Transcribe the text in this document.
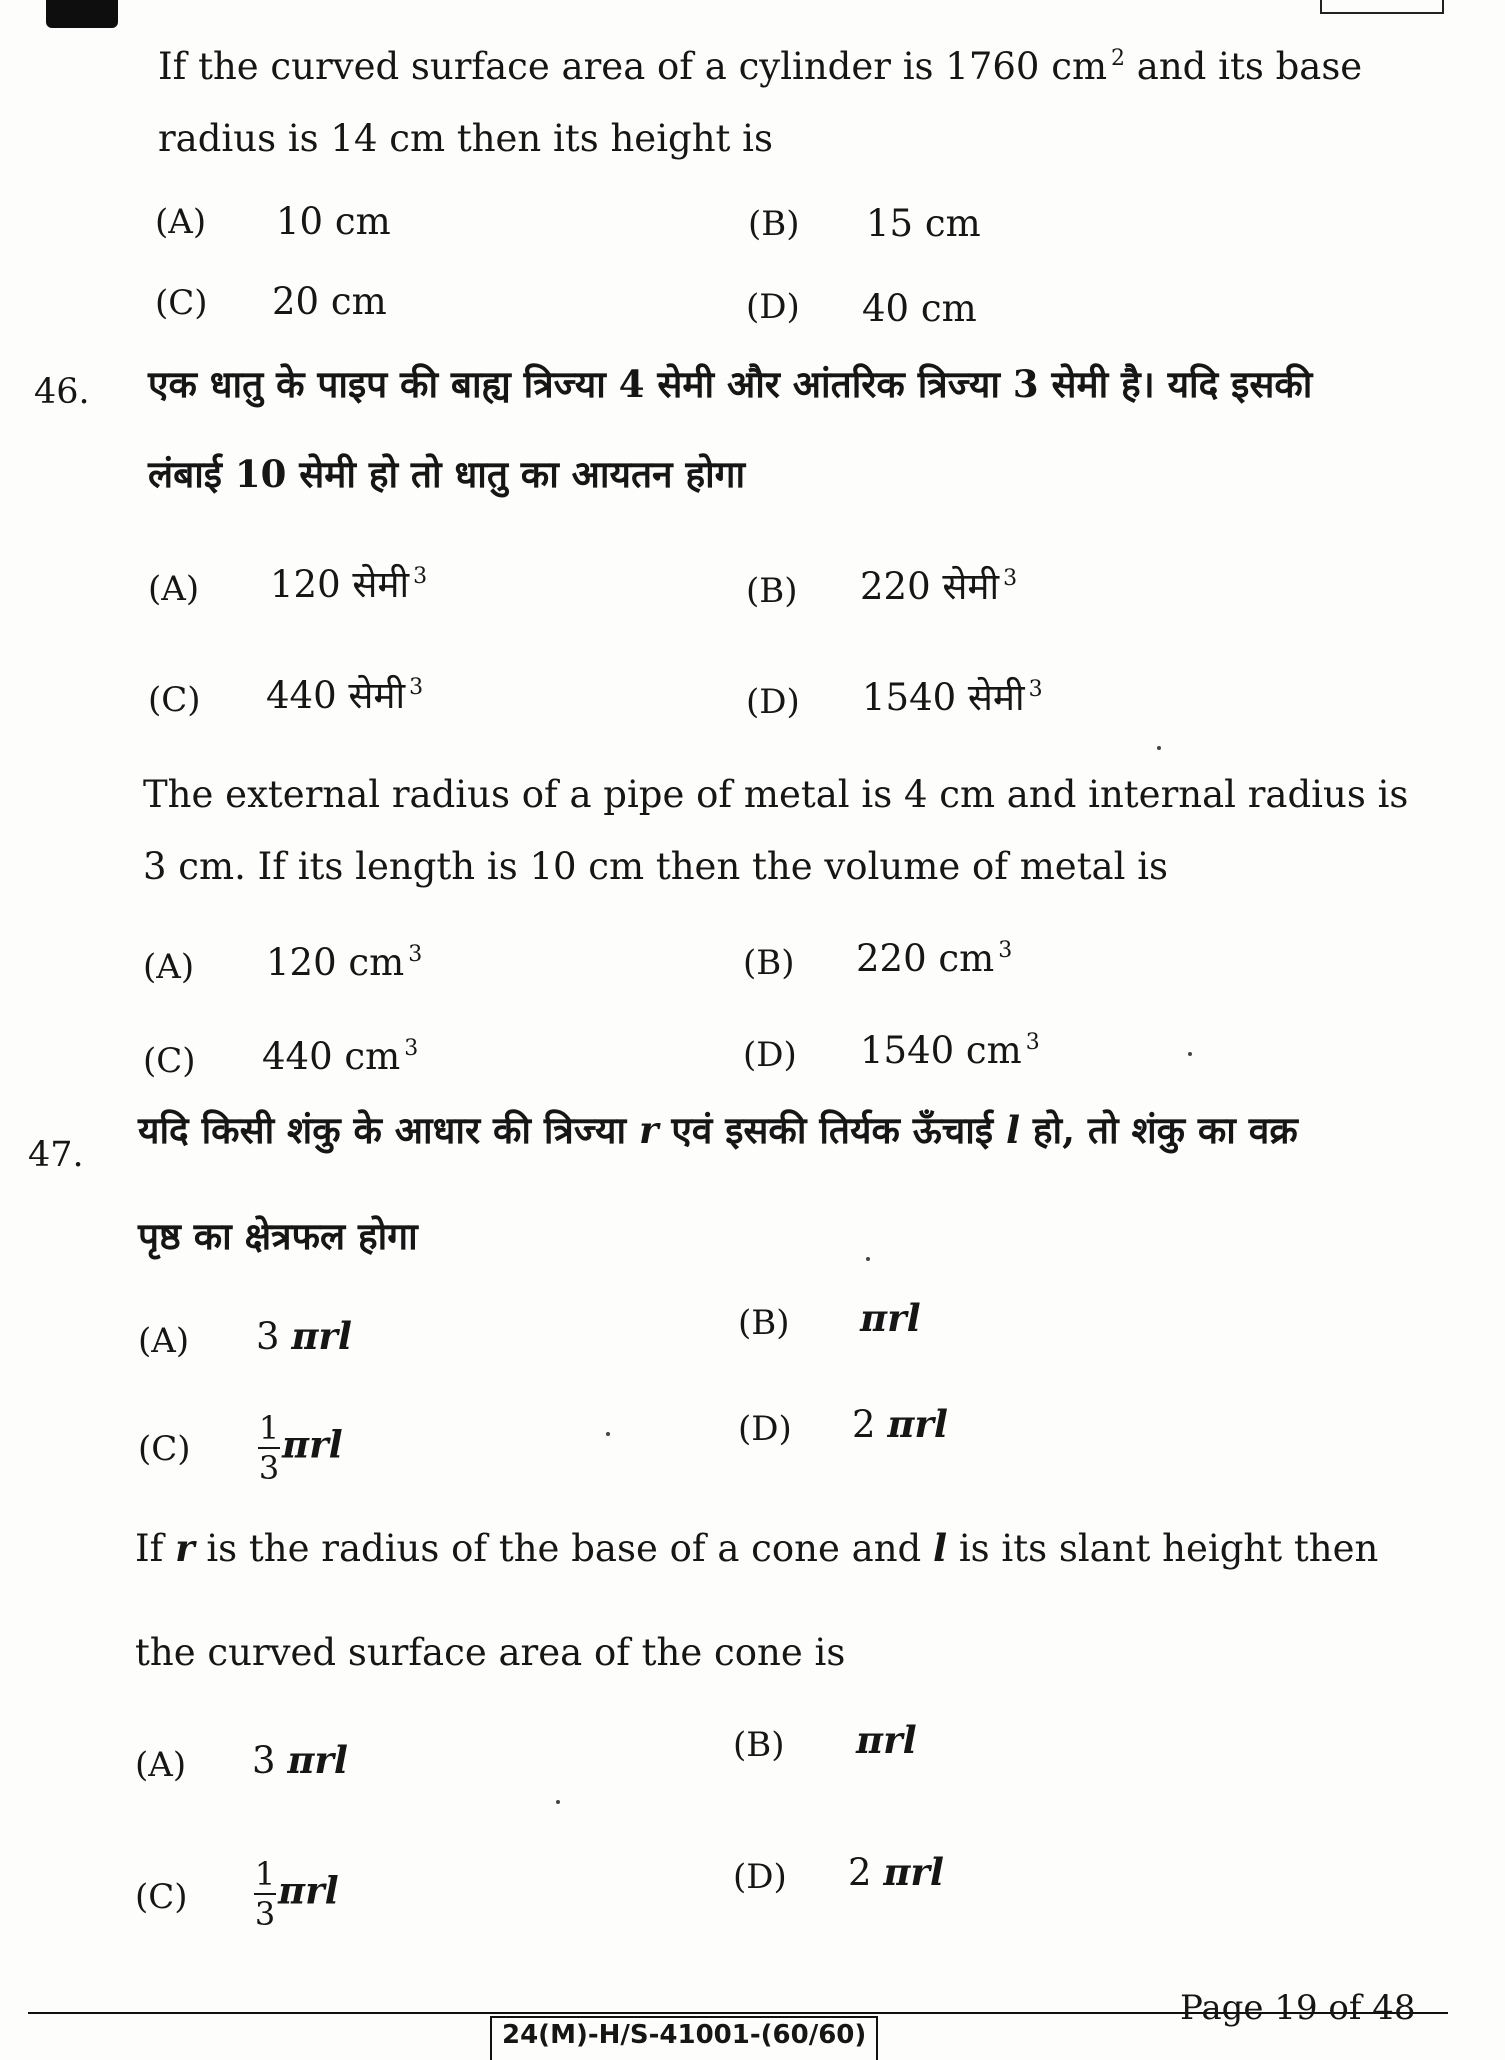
If the curved surface area of a cylinder is 1760 cm $^2$ and its base
radius is 14 cm then its height is
(A) 10 cm	(B) 15 cm
(C) 20 cm	(D) 40 cm
46. एक धातु के पाइप की बाह्य त्रिज्या 4 सेमी और आंतरिक त्रिज्या 3 सेमी है। यदि इसकी
लंबाई 10 सेमी हो तो धातु का आयतन होगा
(A) 120 सेमी $^3$	(B) 220 सेमी $^3$
(C) 440 सेमी $^3$	(D) 1540 सेमी $^3$
The external radius of a pipe of metal is 4 cm and internal radius is
3 cm. If its length is 10 cm then the volume of metal is
(A) 120 cm $^3$	(B) 220 cm $^3$
(C) 440 cm $^3$	(D) 1540 cm $^3$
47.
यदि किसी शंकु के आधार की त्रिज्या r एवं इसकी तिर्यक ऊँचाई l हो, तो शंकु का वक्र
पृष्ठ का क्षेत्रफल होगा
(A) 3 πrl	(B) πrl
$(C) \frac{1}{3}$ πrl	(D) 2 πrl
If r is the radius of the base of a cone and l is its slant height then
the curved surface area of the cone is
(A) 3 πrl	(B) πrl
$(C) \frac{1}{3}$ πrl	(D) 2 πrl
24(M)-H/S-41001-(60/60)
Page 19 of 48
